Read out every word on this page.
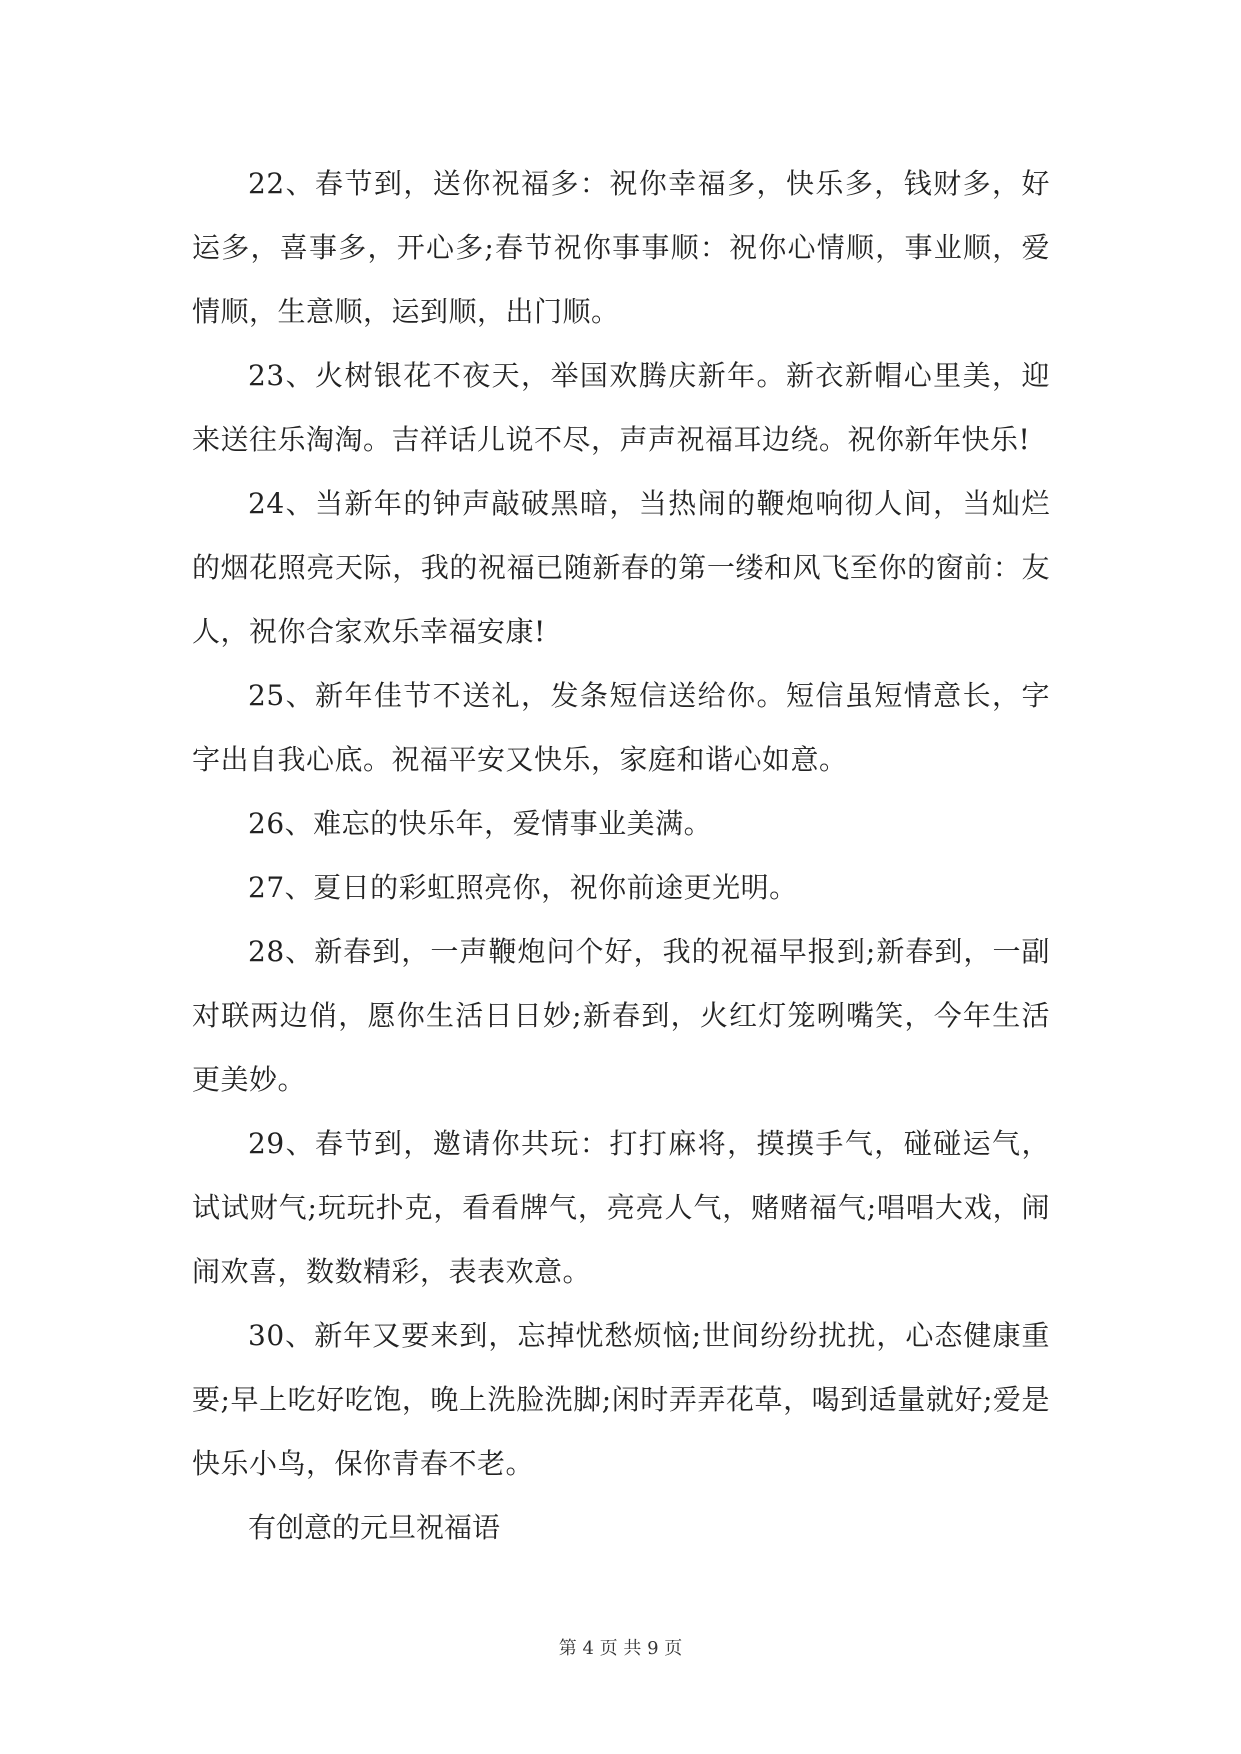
22、春节到，送你祝福多：祝你幸福多，快乐多，钱财多，好运多，喜事多，开心多;春节祝你事事顺：祝你心情顺，事业顺，爱情顺，生意顺，运到顺，出门顺。

23、火树银花不夜天，举国欢腾庆新年。新衣新帽心里美，迎来送往乐淘淘。吉祥话儿说不尽，声声祝福耳边绕。祝你新年快乐!

24、当新年的钟声敲破黑暗，当热闹的鞭炮响彻人间，当灿烂的烟花照亮天际，我的祝福已随新春的第一缕和风飞至你的窗前：友人，祝你合家欢乐幸福安康!

25、新年佳节不送礼，发条短信送给你。短信虽短情意长，字字出自我心底。祝福平安又快乐，家庭和谐心如意。

26、难忘的快乐年，爱情事业美满。

27、夏日的彩虹照亮你，祝你前途更光明。

28、新春到，一声鞭炮问个好，我的祝福早报到;新春到，一副对联两边俏，愿你生活日日妙;新春到，火红灯笼咧嘴笑，今年生活更美妙。

29、春节到，邀请你共玩：打打麻将，摸摸手气，碰碰运气，试试财气;玩玩扑克，看看牌气，亮亮人气，赌赌福气;唱唱大戏，闹闹欢喜，数数精彩，表表欢意。

30、新年又要来到，忘掉忧愁烦恼;世间纷纷扰扰，心态健康重要;早上吃好吃饱，晚上洗脸洗脚;闲时弄弄花草，喝到适量就好;爱是快乐小鸟，保你青春不老。

有创意的元旦祝福语

第 4 页 共 9 页
